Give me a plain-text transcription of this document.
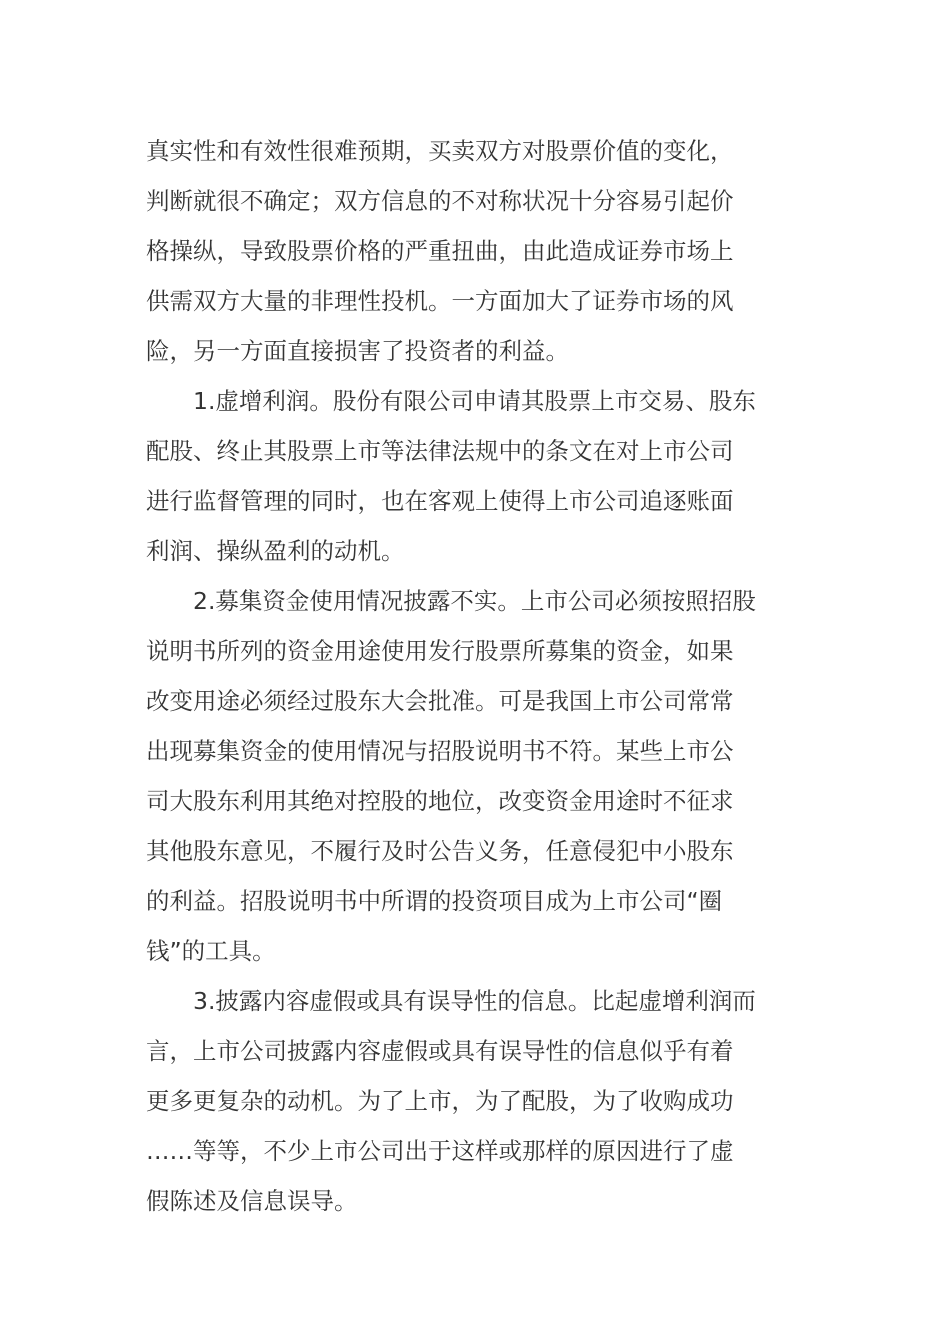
真实性和有效性很难预期，买卖双方对股票价值的变化，
判断就很不确定；双方信息的不对称状况十分容易引起价
格操纵，导致股票价格的严重扭曲，由此造成证券市场上
供需双方大量的非理性投机。一方面加大了证券市场的风
险，另一方面直接损害了投资者的利益。
1.虚增利润。股份有限公司申请其股票上市交易、股东
配股、终止其股票上市等法律法规中的条文在对上市公司
进行监督管理的同时，也在客观上使得上市公司追逐账面
利润、操纵盈利的动机。
2.募集资金使用情况披露不实。上市公司必须按照招股
说明书所列的资金用途使用发行股票所募集的资金，如果
改变用途必须经过股东大会批准。可是我国上市公司常常
出现募集资金的使用情况与招股说明书不符。某些上市公
司大股东利用其绝对控股的地位，改变资金用途时不征求
其他股东意见，不履行及时公告义务，任意侵犯中小股东
的利益。招股说明书中所谓的投资项目成为上市公司“圈
钱”的工具。
3.披露内容虚假或具有误导性的信息。比起虚增利润而
言，上市公司披露内容虚假或具有误导性的信息似乎有着
更多更复杂的动机。为了上市，为了配股，为了收购成功
……等等，不少上市公司出于这样或那样的原因进行了虚
假陈述及信息误导。
